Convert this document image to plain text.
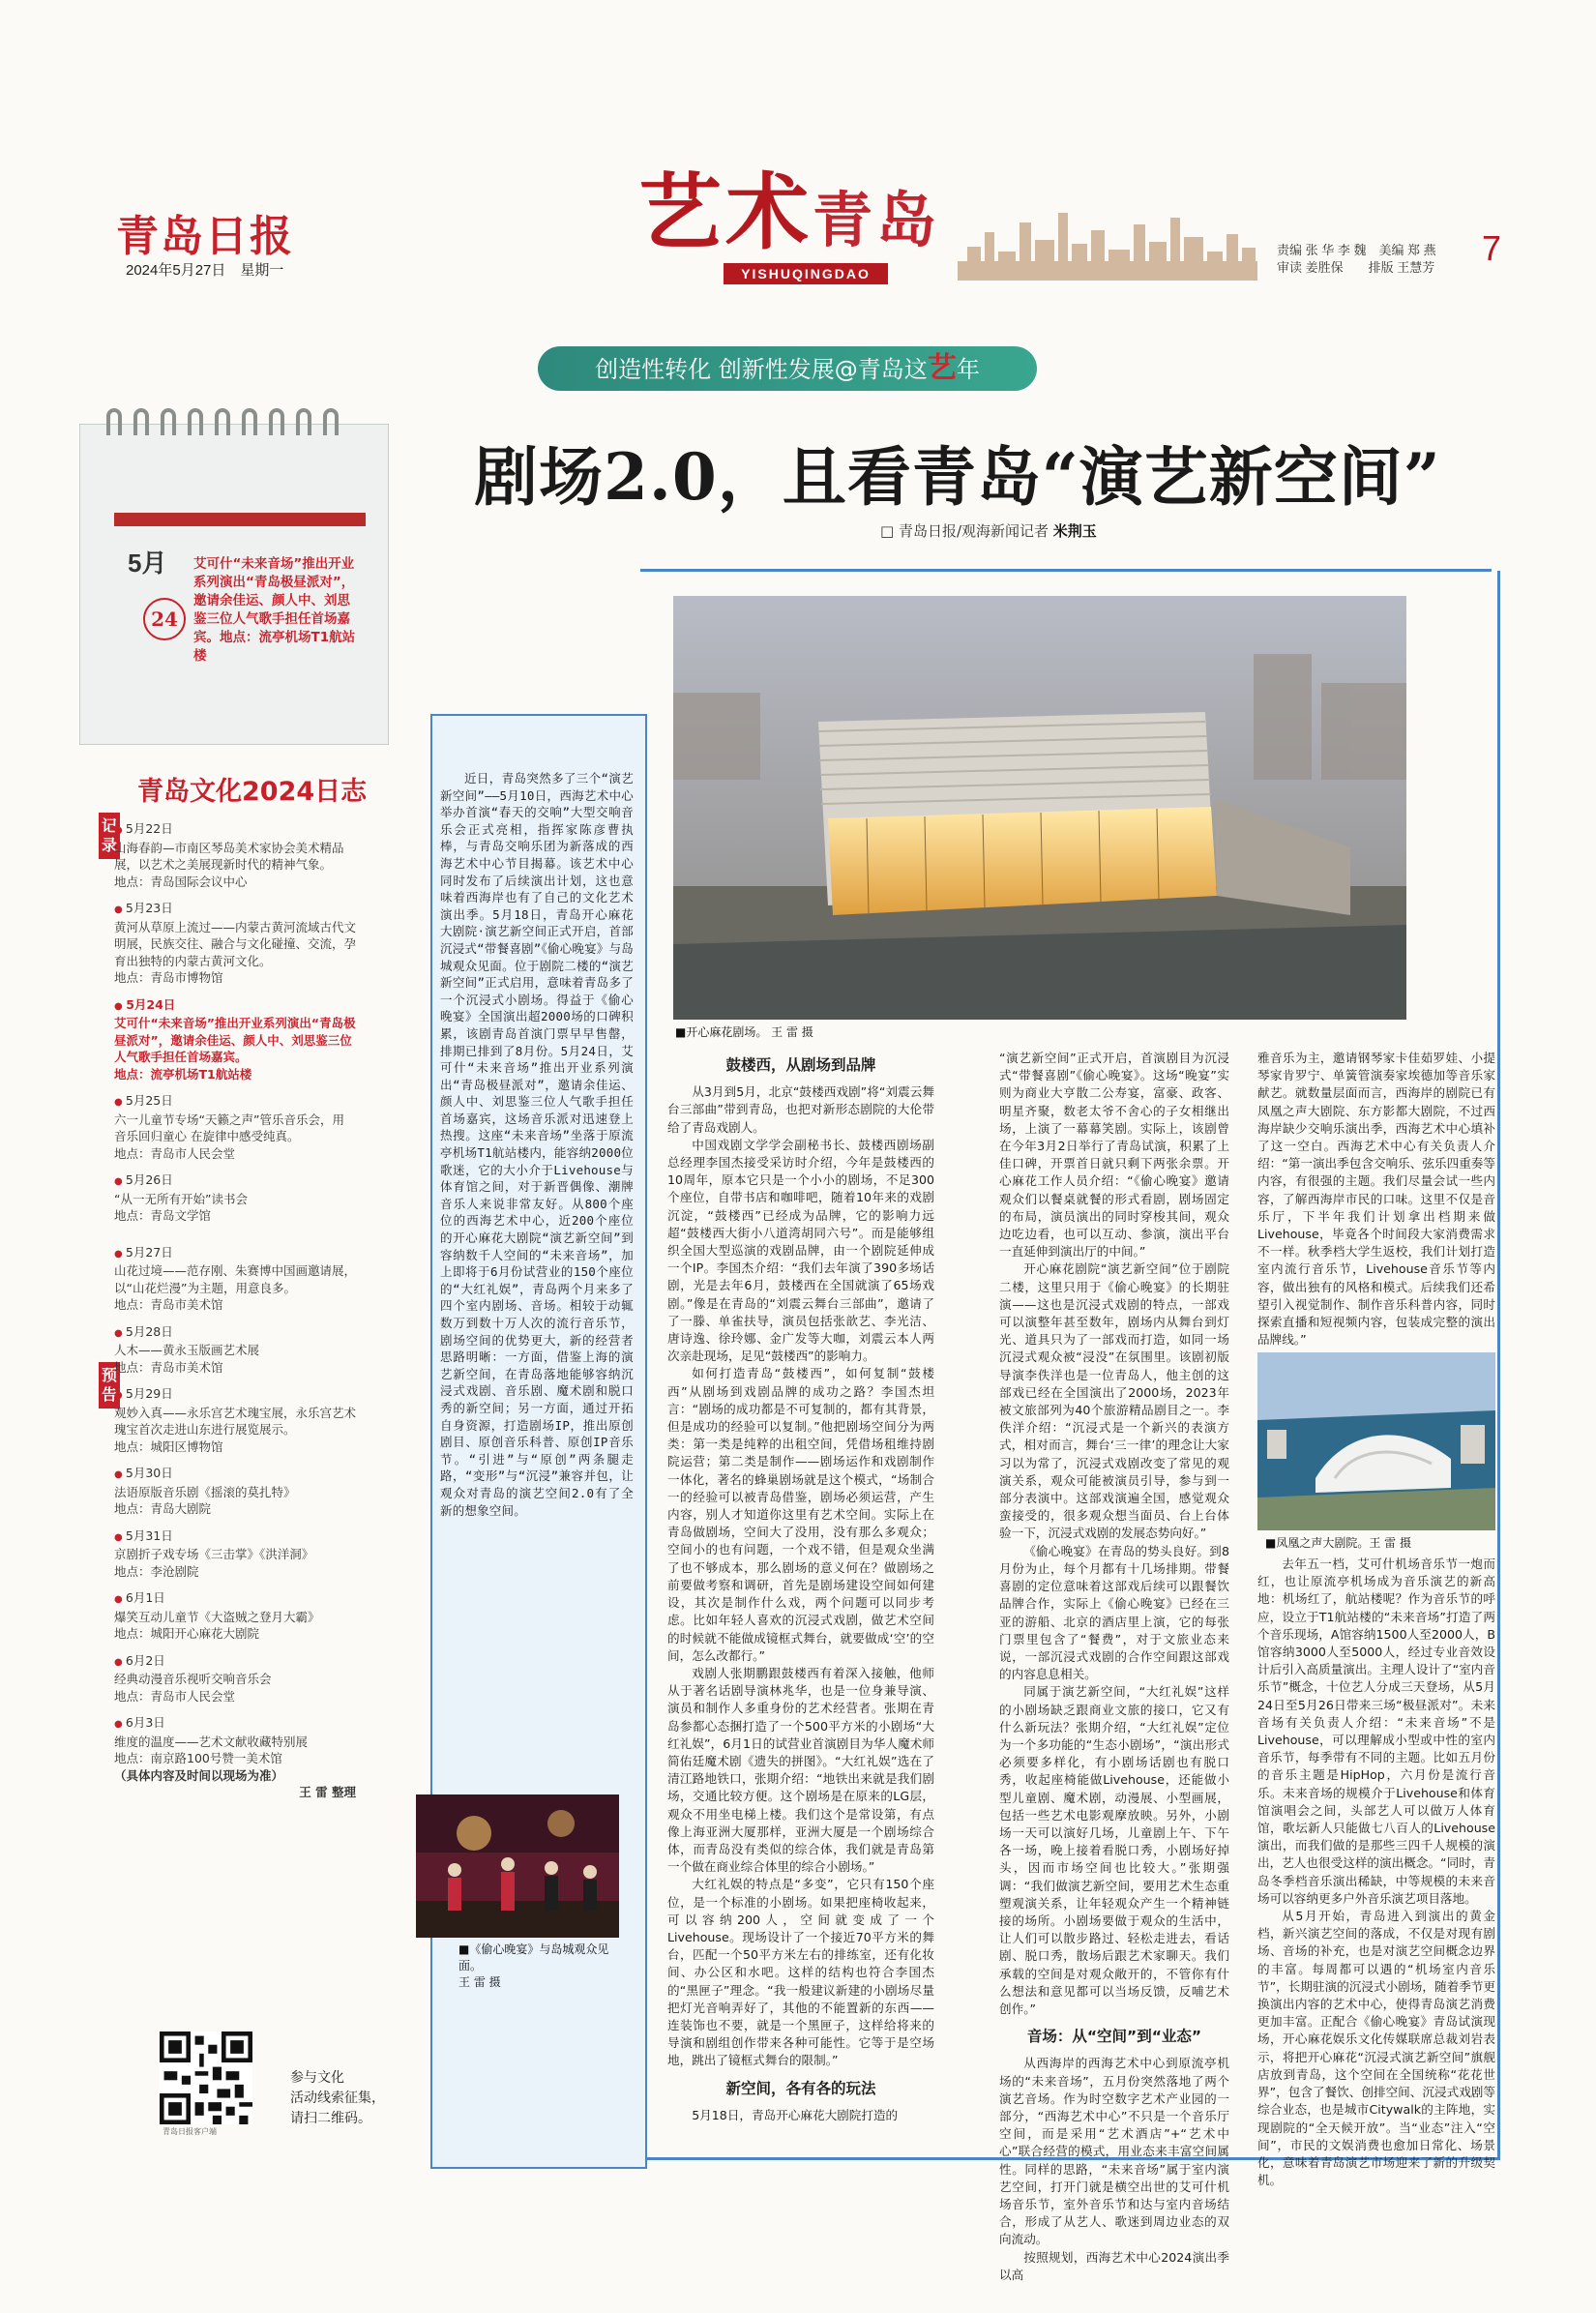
青岛日报
2024年5月27日　星期一
艺术青岛
YISHUQINGDAO
责编 张 华 李 魏　美编 郑 燕
审读 姜胜保　　排版 王慧芳 7
创造性转化 创新性发展@青岛这艺年
剧场2.0，且看青岛“演艺新空间”
□ 青岛日报/观海新闻记者 米荆玉
5月
24
艾可什“未来音场”推出开业系列演出“青岛极昼派对”，邀请余佳运、颜人中、刘思鉴三位人气歌手担任首场嘉宾。地点：流亭机场T1航站楼
青岛文化2024日志
记录
预告
● 5月22日
山海春韵—市南区琴岛美术家协会美术精品展，以艺术之美展现新时代的精神气象。
地点：青岛国际会议中心
● 5月23日
黄河从草原上流过——内蒙古黄河流域古代文明展，民族交往、融合与文化碰撞、交流，孕育出独特的内蒙古黄河文化。
地点：青岛市博物馆
● 5月24日
艾可什“未来音场”推出开业系列演出“青岛极昼派对”，邀请余佳运、颜人中、刘思鉴三位人气歌手担任首场嘉宾。
地点：流亭机场T1航站楼
● 5月25日
六一儿童节专场“天籁之声”管乐音乐会，用音乐回归童心 在旋律中感受纯真。
地点：青岛市人民会堂
● 5月26日
“从一无所有开始”读书会
地点：青岛文学馆
● 5月27日
山花过境——范存刚、朱赛博中国画邀请展，以“山花烂漫”为主题，用意良多。
地点：青岛市美术馆
● 5月28日
人木——黄永玉版画艺术展
地点：青岛市美术馆
● 5月29日
观妙入真——永乐宫艺术瑰宝展，永乐宫艺术瑰宝首次走进山东进行展览展示。
地点：城阳区博物馆
● 5月30日
法语原版音乐剧《摇滚的莫扎特》
地点：青岛大剧院
● 5月31日
京剧折子戏专场《三击掌》《洪洋洞》
地点：李沧剧院
● 6月1日
爆笑互动儿童节《大盗贼之登月大霸》
地点：城阳开心麻花大剧院
● 6月2日
经典动漫音乐视听交响音乐会
地点：青岛市人民会堂
● 6月3日
维度的温度——艺术文献收藏特别展
地点：南京路100号赞一美术馆
（具体内容及时间以现场为准）
王 雷 整理
青岛日报客户端
参与文化
活动线索征集，
请扫二维码。
近日，青岛突然多了三个“演艺新空间”——5月10日，西海艺术中心举办首演“春天的交响”大型交响音乐会正式亮相，指挥家陈彦曹执棒，与青岛交响乐团为新落成的西海艺术中心节目揭幕。该艺术中心同时发布了后续演出计划，这也意味着西海岸也有了自己的文化艺术演出季。5月18日，青岛开心麻花大剧院·演艺新空间正式开启，首部沉浸式“带餐喜剧”《偷心晚宴》与岛城观众见面。位于剧院二楼的“演艺新空间”正式启用，意味着青岛多了一个沉浸式小剧场。得益于《偷心晚宴》全国演出超2000场的口碑积累，该剧青岛首演门票早早售罄，排期已排到了8月份。5月24日，艾可什“未来音场”推出开业系列演出“青岛极昼派对”，邀请余佳运、颜人中、刘思鉴三位人气歌手担任首场嘉宾，这场音乐派对迅速登上热搜。这座“未来音场”坐落于原流亭机场T1航站楼内，能容纳2000位歌迷，它的大小介于Livehouse与体育馆之间，对于新晋偶像、潮牌音乐人来说非常友好。从800个座位的西海艺术中心，近200个座位的开心麻花大剧院“演艺新空间”到容纳数千人空间的“未来音场”，加上即将于6月份试营业的150个座位的“大红礼娱”，青岛两个月来多了四个室内剧场、音场。相较于动辄数万到数十万人次的流行音乐节，剧场空间的优势更大，新的经营者思路明晰：一方面，借鉴上海的演艺新空间，在青岛落地能够容纳沉浸式戏剧、音乐剧、魔术剧和脱口秀的新空间；另一方面，通过开拓自身资源，打造剧场IP，推出原创剧目、原创音乐科普、原创IP音乐节。“引进”与“原创”两条腿走路，“变形”与“沉浸”兼容并包，让观众对青岛的演艺空间2.0有了全新的想象空间。
■ 开心麻花剧场。 王 雷 摄
■ 《偷心晚宴》与岛城观众见面。
王 雷 摄
■ 凤凰之声大剧院。王 雷 摄
鼓楼西，从剧场到品牌

从3月到5月，北京“鼓楼西戏剧”将“刘震云舞台三部曲”带到青岛，也把对新形态剧院的大伦带给了青岛戏剧人。

中国戏剧文学学会副秘书长、鼓楼西剧场副总经理李国杰接受采访时介绍，今年是鼓楼西的10周年，原本它只是一个小小的剧场，不足300个座位，自带书店和咖啡吧，随着10年来的戏剧沉淀，“鼓楼西”已经成为品牌，它的影响力远超“鼓楼西大街小八道湾胡同六号”。而是能够组织全国大型巡演的戏剧品牌，由一个剧院延伸成一个IP。李国杰介绍：“我们去年演了390多场话剧，光是去年6月，鼓楼西在全国就演了65场戏剧。”像是在青岛的“刘震云舞台三部曲”，邀请了了一滕、单雀扶导，演员包括张歆艺、李光洁、唐诗逸、徐玲娜、金广发等大咖，刘震云本人两次亲赴现场，足见“鼓楼西”的影响力。

如何打造青岛“鼓楼西”，如何复制“鼓楼西”从剧场到戏剧品牌的成功之路？李国杰坦言：“剧场的成功都是不可复制的，都有其背景，但是成功的经验可以复制。”他把剧场空间分为两类：第一类是纯粹的出租空间，凭借场租维持剧院运营；第二类是制作——剧场运作和戏剧制作一体化，著名的蜂巢剧场就是这个模式，“场制合一的经验可以被青岛借鉴，剧场必须运营，产生内容，别人才知道你这里有艺术空间。实际上在青岛做剧场，空间大了没用，没有那么多观众；空间小的也有问题，一个戏不错，但是观众坐满了也不够成本，那么剧场的意义何在？做剧场之前要做考察和调研，首先是剧场建设空间如何建设，其次是制作什么戏，两个问题可以同步考虑。比如年轻人喜欢的沉浸式戏剧，做艺术空间的时候就不能做成镜框式舞台，就要做成‘空’的空间，怎么改都行。”

戏剧人张期鹏跟鼓楼西有着深入接触，他师从于著名话剧导演林兆华，也是一位身兼导演、演员和制作人多重身份的艺术经营者。张期在青岛参都心态捆打造了一个500平方米的小剧场“大红礼娱”，6月1日的试营业首演剧目为华人魔术师简佑廷魔术剧《遗失的拼图》。“大红礼娱”选在了清江路地铁口，张期介绍：“地铁出来就是我们剧场，交通比较方便。这个剧场是在原来的LG层，观众不用坐电梯上楼。我们这个是常设第，有点像上海亚洲大厦那样，亚洲大厦是一个剧场综合体，而青岛没有类似的综合体，我们就是青岛第一个做在商业综合体里的综合小剧场。”

大红礼娱的特点是“多变”，它只有150个座位，是一个标准的小剧场。如果把座椅收起来，可以容纳200人，空间就变成了一个Livehouse。现场设计了一个接近70平方米的舞台，匹配一个50平方米左右的排练室，还有化妆间、办公区和水吧。这样的结构也符合李国杰的“黑匣子”理念。“我一般建议新建的小剧场尽量把灯光音响弄好了，其他的不能置新的东西——连装饰也不要，就是一个黑匣子，这样给将来的导演和剧组创作带来各种可能性。它等于是空场地，跳出了镜框式舞台的限制。”

新空间，各有各的玩法

5月18日，青岛开心麻花大剧院打造的

“演艺新空间”正式开启，首演剧目为沉浸式“带餐喜剧”《偷心晚宴》。这场“晚宴”实则为商业大亨散二公寿宴，富豪、政客、明星齐聚，数老太爷不舍心的子女相继出场，上演了一幕幕笑剧。实际上，该剧曾在今年3月2日举行了青岛试演，积累了上佳口碑，开票首日就只剩下两张余票。开心麻花工作人员介绍：“《偷心晚宴》邀请观众们以餐桌就餐的形式看剧，剧场固定的布局，演员演出的同时穿梭其间，观众边吃边看，也可以互动、参演，演出平台一直延伸到演出厅的中间。”

开心麻花剧院“演艺新空间”位于剧院二楼，这里只用于《偷心晚宴》的长期驻演——这也是沉浸式戏剧的特点，一部戏可以演整年甚至数年，剧场内从舞台到灯光、道具只为了一部戏而打造，如同一场沉浸式观众被“浸没”在氛围里。该剧初版导演李佚洋也是一位青岛人，他主创的这部戏已经在全国演出了2000场，2023年被文旅部列为40个旅游精品剧目之一。李佚洋介绍：“沉浸式是一个新兴的表演方式，相对而言，舞台‘三一律’的理念让大家习以为常了，沉浸式戏剧改变了常见的观演关系，观众可能被演员引导，参与到一部分表演中。这部戏演遍全国，感觉观众蛮接受的，很多观众想当面员、台上台体验一下，沉浸式戏剧的发展态势向好。”

《偷心晚宴》在青岛的势头良好。到8月份为止，每个月都有十几场排期。带餐喜剧的定位意味着这部戏后续可以跟餐饮品牌合作，实际上《偷心晚宴》已经在三亚的游船、北京的酒店里上演，它的每张门票里包含了“餐费”，对于文旅业态来说，一部沉浸式戏剧的合作空间跟这部戏的内容息息相关。

同属于演艺新空间，“大红礼娱”这样的小剧场缺乏跟商业文旅的接口，它又有什么新玩法？张期介绍，“大红礼娱”定位为一个多功能的“生态小剧场”，“演出形式必须要多样化，有小剧场话剧也有脱口秀，收起座椅能做Livehouse，还能做小型儿童剧、魔术剧，动漫展、小型画展，包括一些艺术电影观摩放映。另外，小剧场一天可以演好几场，儿童剧上午、下午各一场，晚上接着看脱口秀，小剧场好掉头，因而市场空间也比较大。”张期强调：“我们做演艺新空间，要用艺术生态重塑观演关系，让年轻观众产生一个精神链接的场所。小剧场要做于观众的生活中，让人们可以散步路过、轻松走进去，看话剧、脱口秀，散场后跟艺术家聊天。我们承载的空间是对观众敞开的，不管你有什么想法和意见都可以当场反馈，反哺艺术创作。”

音场：从“空间”到“业态”

从西海岸的西海艺术中心到原流亭机场的“未来音场”，五月份突然落地了两个演艺音场。作为时空数字艺术产业园的一部分，“西海艺术中心”不只是一个音乐厅空间，而是采用“艺术酒店”+“艺术中心”联合经营的模式，用业态来丰富空间属性。同样的思路，“未来音场”属于室内演艺空间，打开门就是横空出世的艾可什机场音乐节，室外音乐节和达与室内音场结合，形成了从艺人、歌迷到周边业态的双向流动。

按照规划，西海艺术中心2024演出季以高

雅音乐为主，邀请钢琴家卡佳茹罗娃、小提琴家肯罗宁、单簧管演奏家埃德加等音乐家献艺。就数量层面而言，西海岸的剧院已有凤凰之声大剧院、东方影都大剧院，不过西海岸缺少交响乐演出季，西海艺术中心填补了这一空白。西海艺术中心有关负责人介绍：“第一演出季包含交响乐、弦乐四重奏等内容，有很强的主题。我们尽量会试一些内容，了解西海岸市民的口味。这里不仅是音乐厅，下半年我们计划拿出档期来做Livehouse，毕竟各个时间段大家消费需求不一样。秋季档大学生返校，我们计划打造室内流行音乐节，Livehouse音乐节等内容，做出独有的风格和模式。后续我们还希望引入视觉制作、制作音乐科普内容，同时探索直播和短视频内容，包装成完整的演出品牌线。”

去年五一档，艾可什机场音乐节一炮而红，也让原流亭机场成为音乐演艺的新高地：机场红了，航站楼呢？作为音乐节的呼应，设立于T1航站楼的“未来音场”打造了两个音乐现场，A馆容纳1500人至2000人，B馆容纳3000人至5000人，经过专业音效设计后引入高质量演出。主理人设计了“室内音乐节”概念，十位艺人分成三天登场，从5月24日至5月26日带来三场“极昼派对”。未来音场有关负责人介绍：“未来音场”不是Livehouse，可以理解成小型或中性的室内音乐节，每季带有不同的主题。比如五月份的音乐主题是HipHop，六月份是流行音乐。未来音场的规模介于Livehouse和体育馆演唱会之间，头部艺人可以做万人体育馆，歌坛新人只能做七八百人的Livehouse演出，而我们做的是那些三四千人规模的演出，艺人也很受这样的演出概念。“同时，青岛冬季档音乐演出稀缺，中等规模的未来音场可以容纳更多户外音乐演艺项目落地。

从5月开始，青岛进入到演出的黄金档，新兴演艺空间的落成，不仅是对现有剧场、音场的补充，也是对演艺空间概念边界的丰富。每周都可以遇的“机场室内音乐节”，长期驻演的沉浸式小剧场，随着季节更换演出内容的艺术中心，使得青岛演艺消费更加丰富。正配合《偷心晚宴》青岛试演现场，开心麻花娱乐文化传媒联席总裁刘岩表示，将把开心麻花“沉浸式演艺新空间”旗舰店放到青岛，这个空间在全国统称“花花世界”，包含了餐饮、创排空间、沉浸式戏剧等综合业态，也是城市Citywalk的主阵地，实现剧院的“全天候开放”。当“业态”注入“空间”，市民的文娱消费也愈加日常化、场景化，意味着青岛演艺市场迎来了新的升级契机。
